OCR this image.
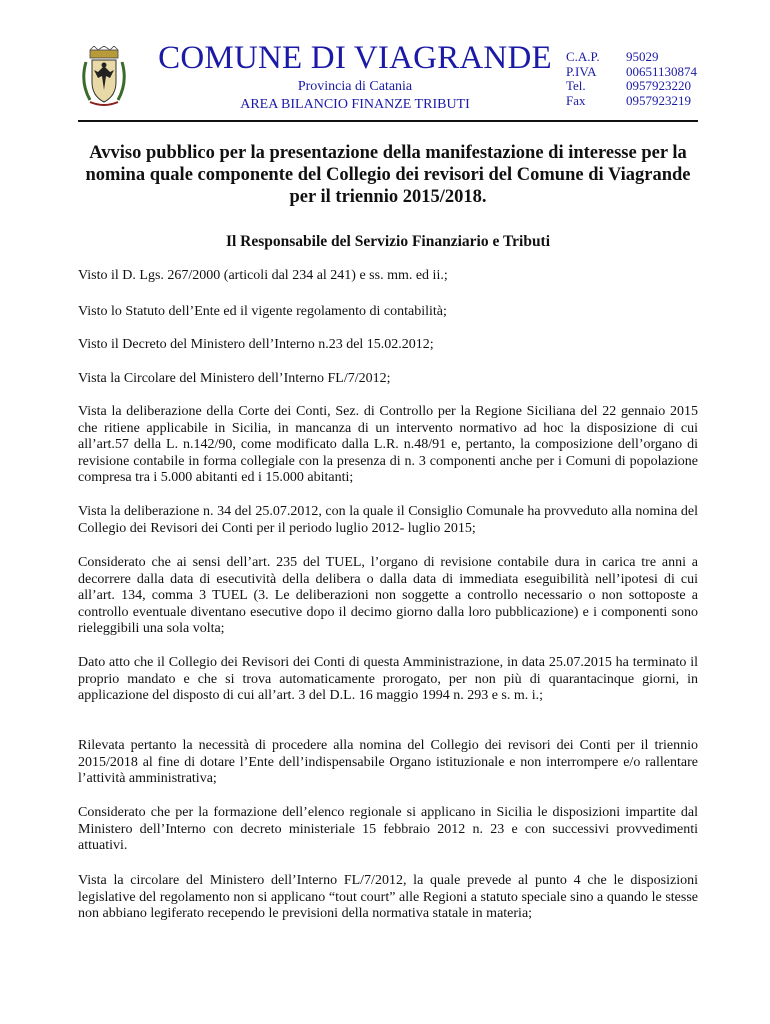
COMUNE DI VIAGRANDE
Provincia di Catania
AREA BILANCIO FINANZE TRIBUTI
C.A.P.	95029
P.IVA	00651130874
Tel.	0957923220
Fax	0957923219
Avviso pubblico per la presentazione della manifestazione di interesse per la nomina quale componente del Collegio dei revisori del Comune di Viagrande per il triennio 2015/2018.
Il Responsabile del Servizio Finanziario e Tributi
Visto il D. Lgs. 267/2000 (articoli dal 234 al 241) e ss. mm. ed ii.;
Visto lo Statuto dell’Ente ed il vigente regolamento di contabilità;
Visto il Decreto del Ministero dell’Interno n.23 del 15.02.2012;
Vista la Circolare del Ministero dell’Interno FL/7/2012;
Vista la deliberazione della Corte dei Conti, Sez. di Controllo per la Regione Siciliana del 22 gennaio 2015 che ritiene applicabile in Sicilia, in mancanza di un intervento normativo ad hoc la disposizione di cui all’art.57 della L. n.142/90, come modificato dalla L.R. n.48/91 e, pertanto, la composizione dell’organo di revisione contabile in forma collegiale con la presenza di n. 3 componenti anche per i Comuni di popolazione compresa tra i 5.000 abitanti ed i 15.000 abitanti;
Vista la deliberazione n. 34 del 25.07.2012, con la quale il Consiglio Comunale ha provveduto alla nomina del Collegio dei Revisori dei Conti per il periodo luglio 2012- luglio 2015;
Considerato che ai sensi dell’art. 235 del TUEL, l’organo di revisione contabile dura in carica tre anni a decorrere dalla data di esecutività della delibera o dalla data di immediata eseguibilità nell’ipotesi di cui all’art. 134, comma 3 TUEL (3. Le deliberazioni non soggette a controllo necessario o non sottoposte a controllo eventuale diventano esecutive dopo il decimo giorno dalla loro pubblicazione) e i componenti sono rieleggibili una sola volta;
Dato atto che il Collegio dei Revisori dei Conti di questa Amministrazione, in data 25.07.2015 ha terminato il proprio mandato e che si trova automaticamente prorogato, per non più di quarantacinque giorni, in applicazione del disposto di cui all’art. 3 del D.L. 16 maggio 1994 n. 293 e s. m. i.;
Rilevata pertanto la necessità di procedere alla nomina del Collegio dei revisori dei Conti per il triennio 2015/2018 al fine di dotare l’Ente dell’indispensabile Organo istituzionale e non interrompere e/o rallentare l’attività amministrativa;
Considerato che per la formazione dell’elenco regionale si applicano in Sicilia le disposizioni impartite dal Ministero dell’Interno con decreto ministeriale 15 febbraio 2012 n. 23 e con successivi provvedimenti attuativi.
Vista la circolare del Ministero dell’Interno FL/7/2012, la quale prevede al punto 4 che le disposizioni legislative del regolamento non si applicano “tout court” alle Regioni a statuto speciale sino a quando le stesse non abbiano legiferato recependo le previsioni della normativa statale in materia;
